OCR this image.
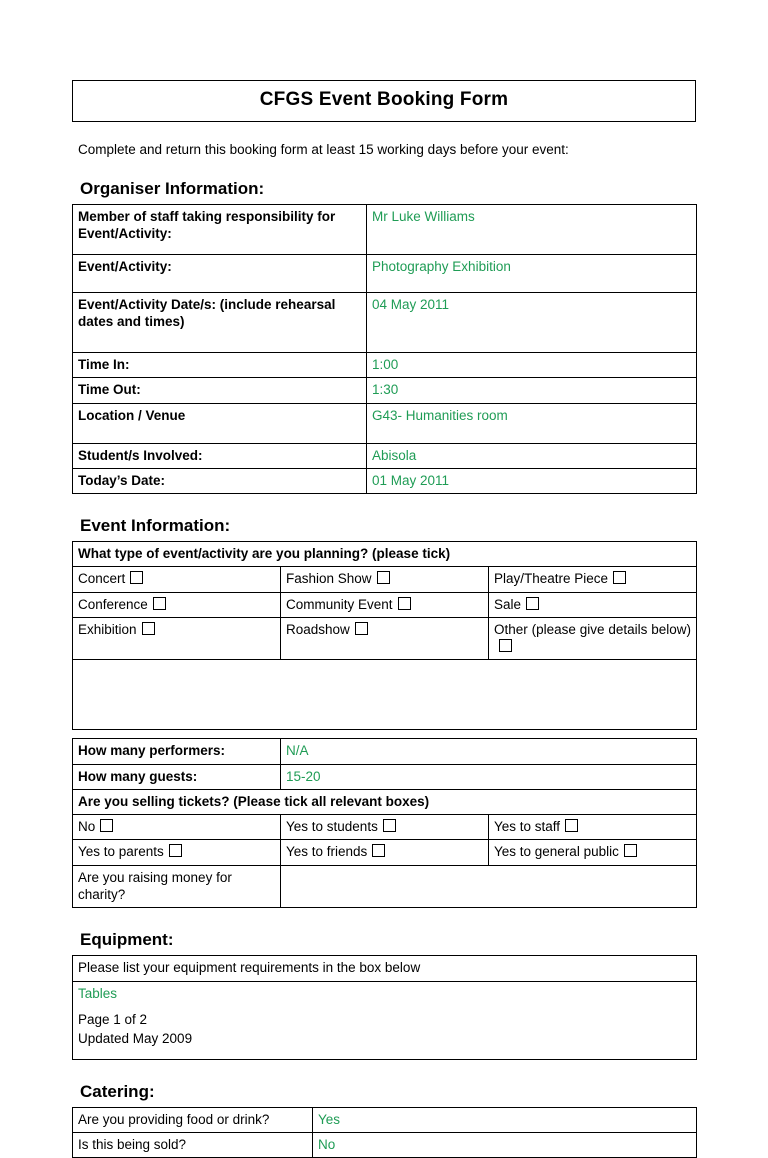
CFGS Event Booking Form
Complete and return this booking form at least 15 working days before your event:
Organiser Information:
Member of staff taking responsibility for Event/Activity:	Mr Luke Williams
Event/Activity:	Photography Exhibition
Event/Activity Date/s: (include rehearsal dates and times)	04 May 2011
Time In:	1:00
Time Out:	1:30
Location / Venue	G43- Humanities room
Student/s Involved:	Abisola
Today’s Date:	01 May 2011
Event Information:
What type of event/activity are you planning? (please tick)		
Concert	Fashion Show	Play/Theatre Piece
Conference	Community Event	Sale
Exhibition	Roadshow	Other (please give details below)

How many performers:	N/A	
How many guests:	15-20	
Are you selling tickets? (Please tick all relevant boxes)		
No	Yes to students	Yes to staff
Yes to parents	Yes to friends	Yes to general public
Are you raising money for charity?		
Equipment:
Please list your equipment requirements in the box below
Tables
Catering:
Are you providing food or drink?	Yes
Is this being sold?	No
Page 1 of 2
Updated May 2009
